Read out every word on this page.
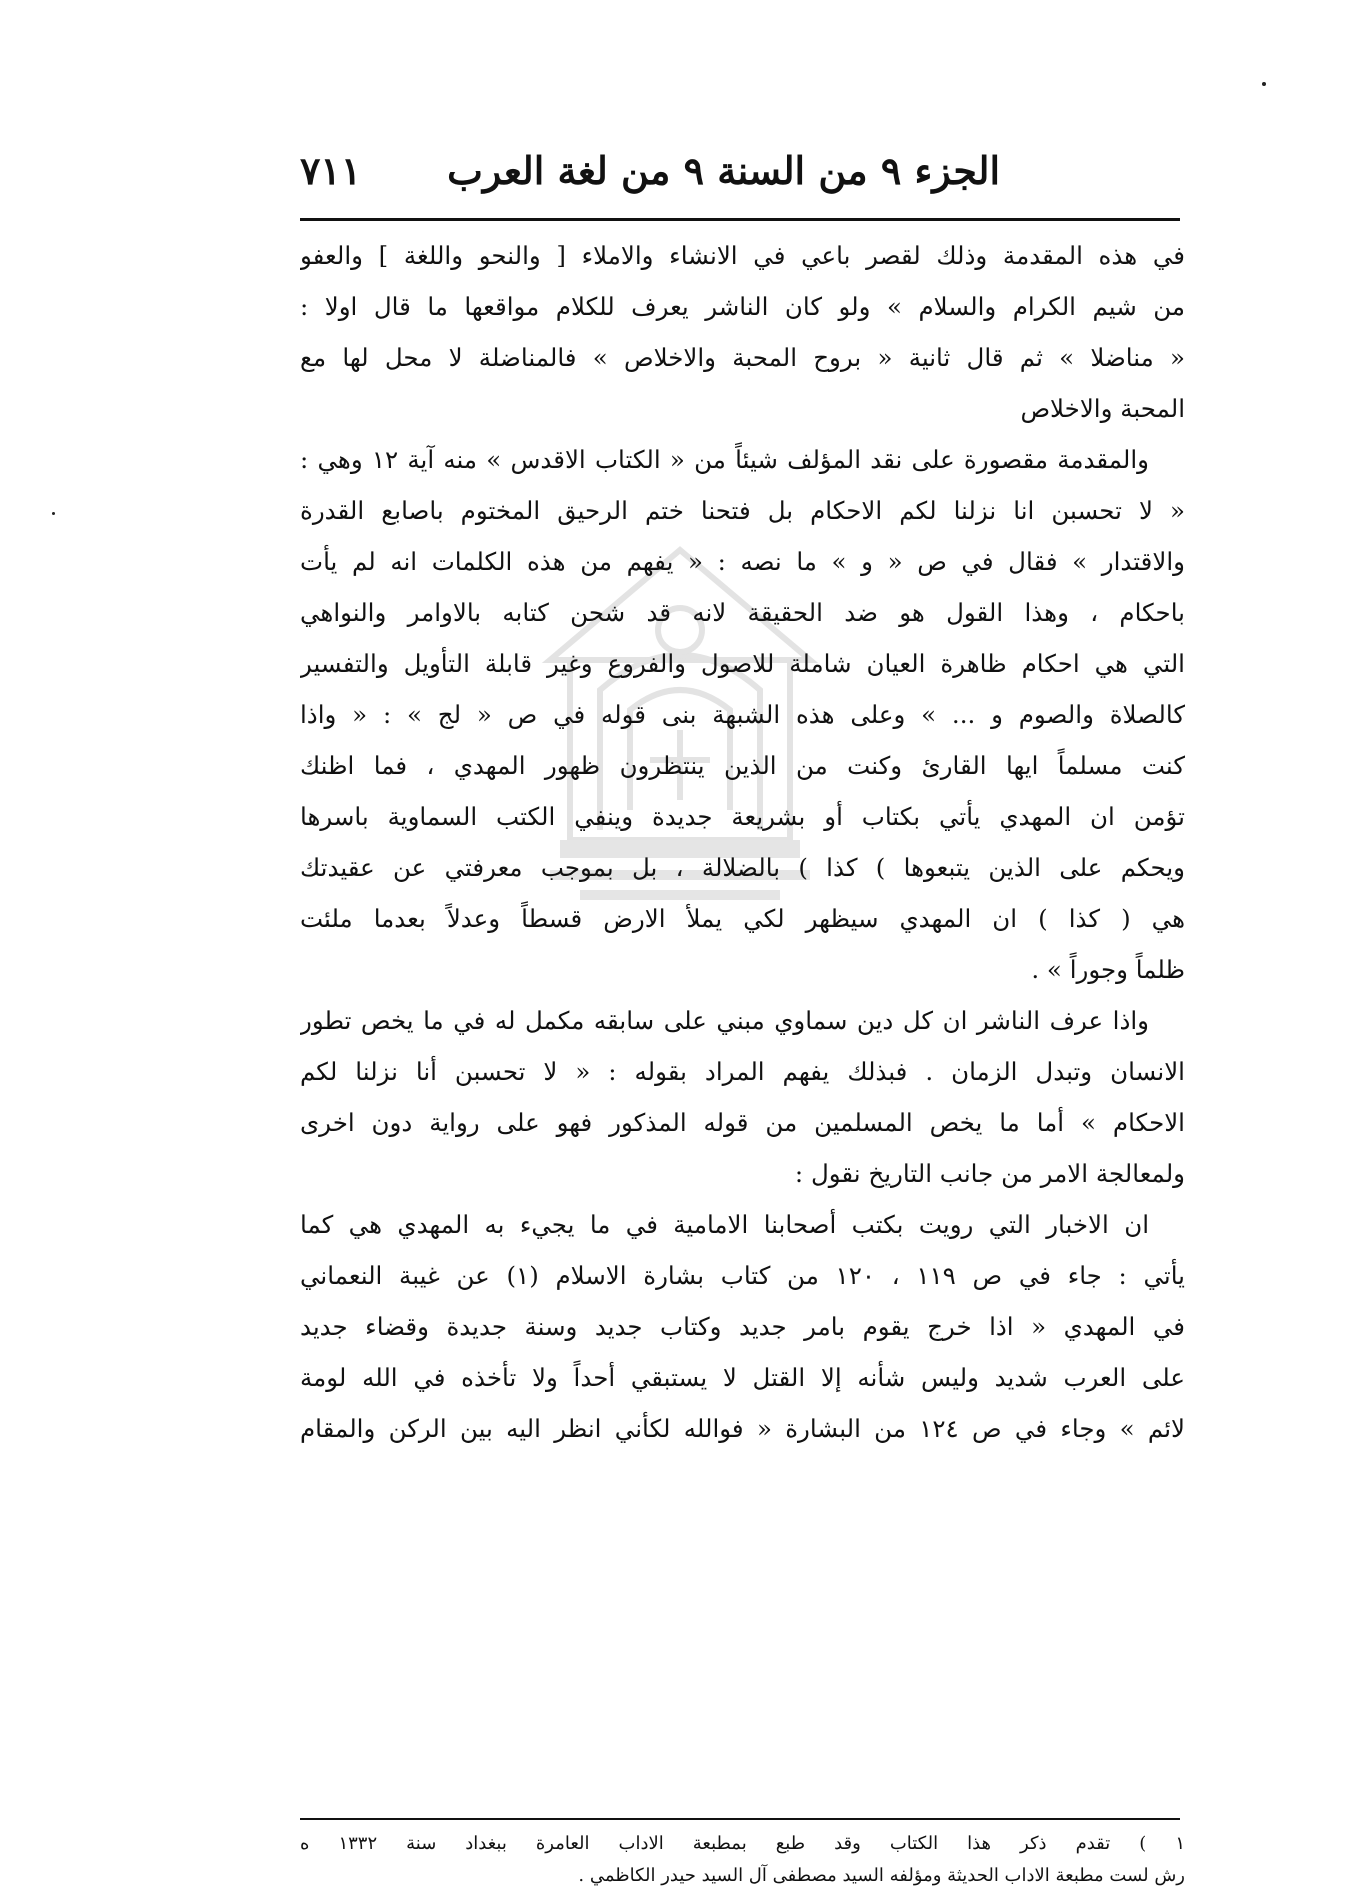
الجزء ٩ من السنة ٩ من لغة العرب
٧١١
في هذه المقدمة وذلك لقصر باعي في الانشاء والاملاء [ والنحو واللغة ] والعفو
من شيم الكرام والسلام » ولو كان الناشر يعرف للكلام مواقعها ما قال اولا :
« مناضلا » ثم قال ثانية « بروح المحبة والاخلاص » فالمناضلة لا محل لها مع
المحبة والاخلاص
والمقدمة مقصورة على نقد المؤلف شيئاً من « الكتاب الاقدس » منه آية ١٢ وهي :
« لا تحسبن انا نزلنا لكم الاحكام بل فتحنا ختم الرحيق المختوم باصابع القدرة
والاقتدار » فقال في ص « و » ما نصه : « يفهم من هذه الكلمات انه لم يأت
باحكام ، وهذا القول هو ضد الحقيقة لانه قد شحن كتابه بالاوامر والنواهي
التي هي احكام ظاهرة العيان شاملة للاصول والفروع وغير قابلة التأويل والتفسير
كالصلاة والصوم و ... » وعلى هذه الشبهة بنى قوله في ص « لج » : « واذا
كنت مسلماً ايها القارئ وكنت من الذين ينتظرون ظهور المهدي ، فما اظنك
تؤمن ان المهدي يأتي بكتاب أو بشريعة جديدة وينفي الكتب السماوية باسرها
ويحكم على الذين يتبعوها ) كذا ) بالضلالة ، بل بموجب معرفتي عن عقيدتك
هي ( كذا ) ان المهدي سيظهر لكي يملأ الارض قسطاً وعدلاً بعدما ملئت
ظلماً وجوراً » .
واذا عرف الناشر ان كل دين سماوي مبني على سابقه مكمل له في ما يخص تطور
الانسان وتبدل الزمان . فبذلك يفهم المراد بقوله : « لا تحسبن أنا نزلنا لكم
الاحكام » أما ما يخص المسلمين من قوله المذكور فهو على رواية دون اخرى
ولمعالجة الامر من جانب التاريخ نقول :
ان الاخبار التي رويت بكتب أصحابنا الامامية في ما يجيء به المهدي هي كما
يأتي : جاء في ص ١١٩ ، ١٢٠ من كتاب بشارة الاسلام (١) عن غيبة النعماني
في المهدي « اذا خرج يقوم بامر جديد وكتاب جديد وسنة جديدة وقضاء جديد
على العرب شديد وليس شأنه إلا القتل لا يستبقي أحداً ولا تأخذه في الله لومة
لائم » وجاء في ص ١٢٤ من البشارة « فوالله لكأني انظر اليه بين الركن والمقام
١ ) تقدم ذكر هذا الكتاب وقد طبع بمطبعة الاداب العامرة ببغداد سنة ١٣٣٢ ه
رش لست مطبعة الاداب الحديثة ومؤلفه السيد مصطفى آل السيد حيدر الكاظمي .
